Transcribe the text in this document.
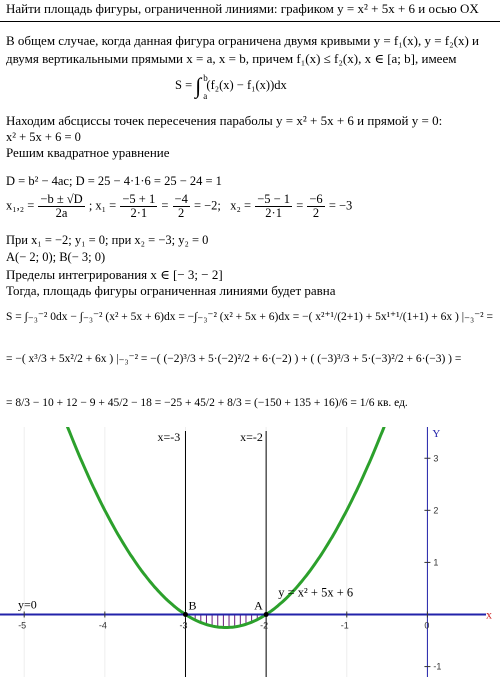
Найти площадь фигуры, ограниченной линиями: графиком y = x² + 5x + 6 и осью OX
В общем случае, когда данная фигура ограничена двумя кривыми y = f₁(x), y = f₂(x) и
двумя вертикальными прямыми x = a, x = b, причем f₁(x) ≤ f₂(x), x ∈ [a; b], имеем
S = ∫ b
a
(f₂(x) − f₁(x))dx
Находим абсциссы точек пересечения параболы y = x² + 5x + 6 и прямой y = 0:
x² + 5x + 6 = 0
Решим квадратное уравнение
D = b² − 4ac; D = 25 − 4·1·6 = 25 − 24 = 1
$x_1,_2 = \frac{-b \pm √D}{2a}$ ; $x_1 = \frac{-5 + 1}{2\cdot 1} = \frac{-4}{2} = -2$; $x_2 = \frac{-5 - 1}{2\cdot 1} = \frac{-6}{2} = -3$
При x₁ = −2; y₁ = 0; при x₂ = −3; y₂ = 0
A(− 2; 0); B(− 3; 0)
Пределы интегрирования x ∈ [− 3; − 2]
Тогда, площадь фигуры ограниченная линиями будет равна
S = ∫₋₃⁻² 0dx − ∫₋₃⁻² (x² + 5x + 6)dx = −∫₋₃⁻² (x² + 5x + 6)dx = −( x²⁺¹/(2+1) + 5x¹⁺¹/(1+1) + 6x ) |₋₃⁻² =
= −( x³/3 + 5x²/2 + 6x ) |₋₃⁻² = −( (−2)³/3 + 5·(−2)²/2 + 6·(−2) ) + ( (−3)³/3 + 5·(−3)²/2 + 6·(−3) ) =
= 8/3 − 10 + 12 − 9 + 45/2 − 18 = −25 + 45/2 + 8/3 = (−150 + 135 + 16)/6 = 1/6 кв. ед.
-5	-4	-3	-2	-1	0
-1
1
2
3
x=-3	x=-2
y=0
y = x² + 5x + 6
Y
x
A
B
